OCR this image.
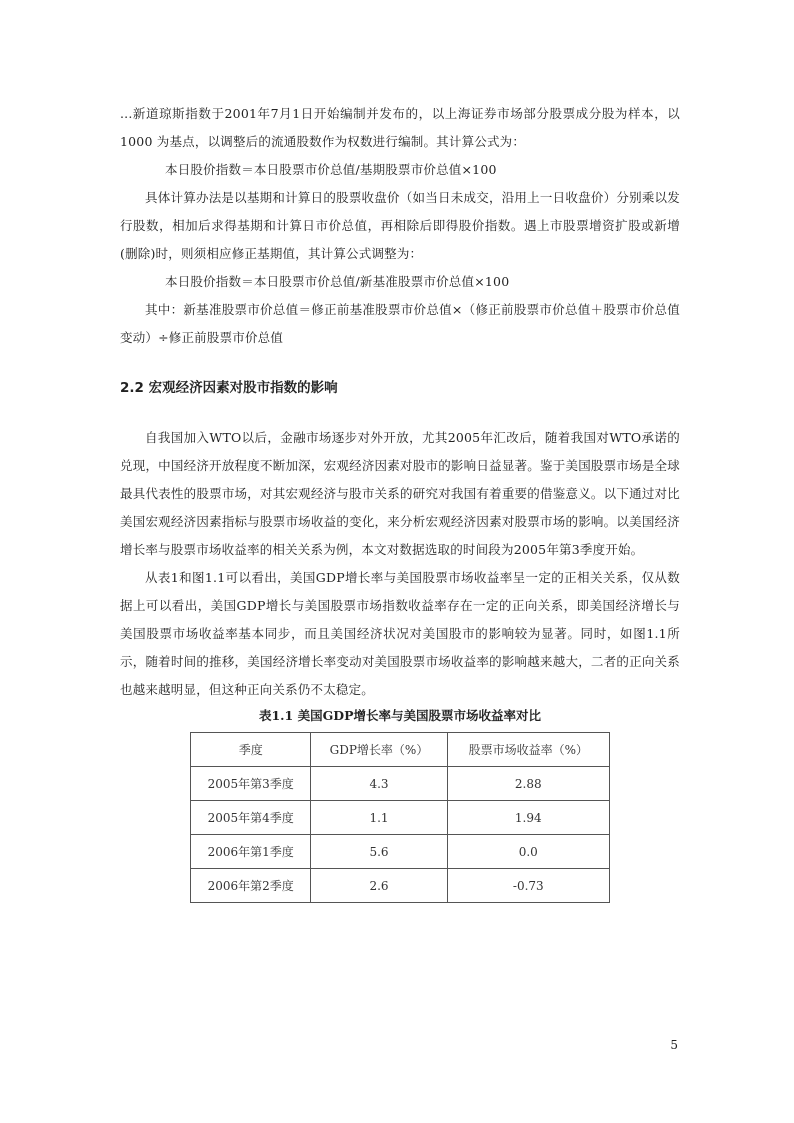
...新道琼斯指数于2001年7月1日开始编制并发布的，以上海证券市场部分股票成分股为样本，以 1000 为基点，以调整后的流通股数作为权数进行编制。其计算公式为：

本日股价指数＝本日股票市价总值/基期股票市价总值×100

具体计算办法是以基期和计算日的股票收盘价（如当日未成交，沿用上一日收盘价）分别乘以发行股数，相加后求得基期和计算日市价总值，再相除后即得股价指数。遇上市股票增资扩股或新增(删除)时，则须相应修正基期值，其计算公式调整为：

本日股价指数＝本日股票市价总值/新基准股票市价总值×100

其中：新基准股票市价总值＝修正前基准股票市价总值×（修正前股票市价总值＋股票市价总值变动）÷修正前股票市价总值

2.2 宏观经济因素对股市指数的影响

自我国加入WTO以后，金融市场逐步对外开放，尤其2005年汇改后，随着我国对WTO承诺的兑现，中国经济开放程度不断加深，宏观经济因素对股市的影响日益显著。鉴于美国股票市场是全球最具代表性的股票市场，对其宏观经济与股市关系的研究对我国有着重要的借鉴意义。以下通过对比美国宏观经济因素指标与股票市场收益的变化，来分析宏观经济因素对股票市场的影响。以美国经济增长率与股票市场收益率的相关关系为例，本文对数据选取的时间段为2005年第3季度开始。

从表1和图1.1可以看出，美国GDP增长率与美国股票市场收益率呈一定的正相关关系，仅从数据上可以看出，美国GDP增长与美国股票市场指数收益率存在一定的正向关系，即美国经济增长与美国股票市场收益率基本同步，而且美国经济状况对美国股市的影响较为显著。同时，如图1.1所示，随着时间的推移，美国经济增长率变动对美国股票市场收益率的影响越来越大，二者的正向关系也越来越明显，但这种正向关系仍不太稳定。

表1.1 美国GDP增长率与美国股票市场收益率对比
季度	GDP增长率（%）	股票市场收益率（%）
2005年第3季度	4.3	2.88
2005年第4季度	1.1	1.94
2006年第1季度	5.6	0.0
2006年第2季度	2.6	-0.73
5
